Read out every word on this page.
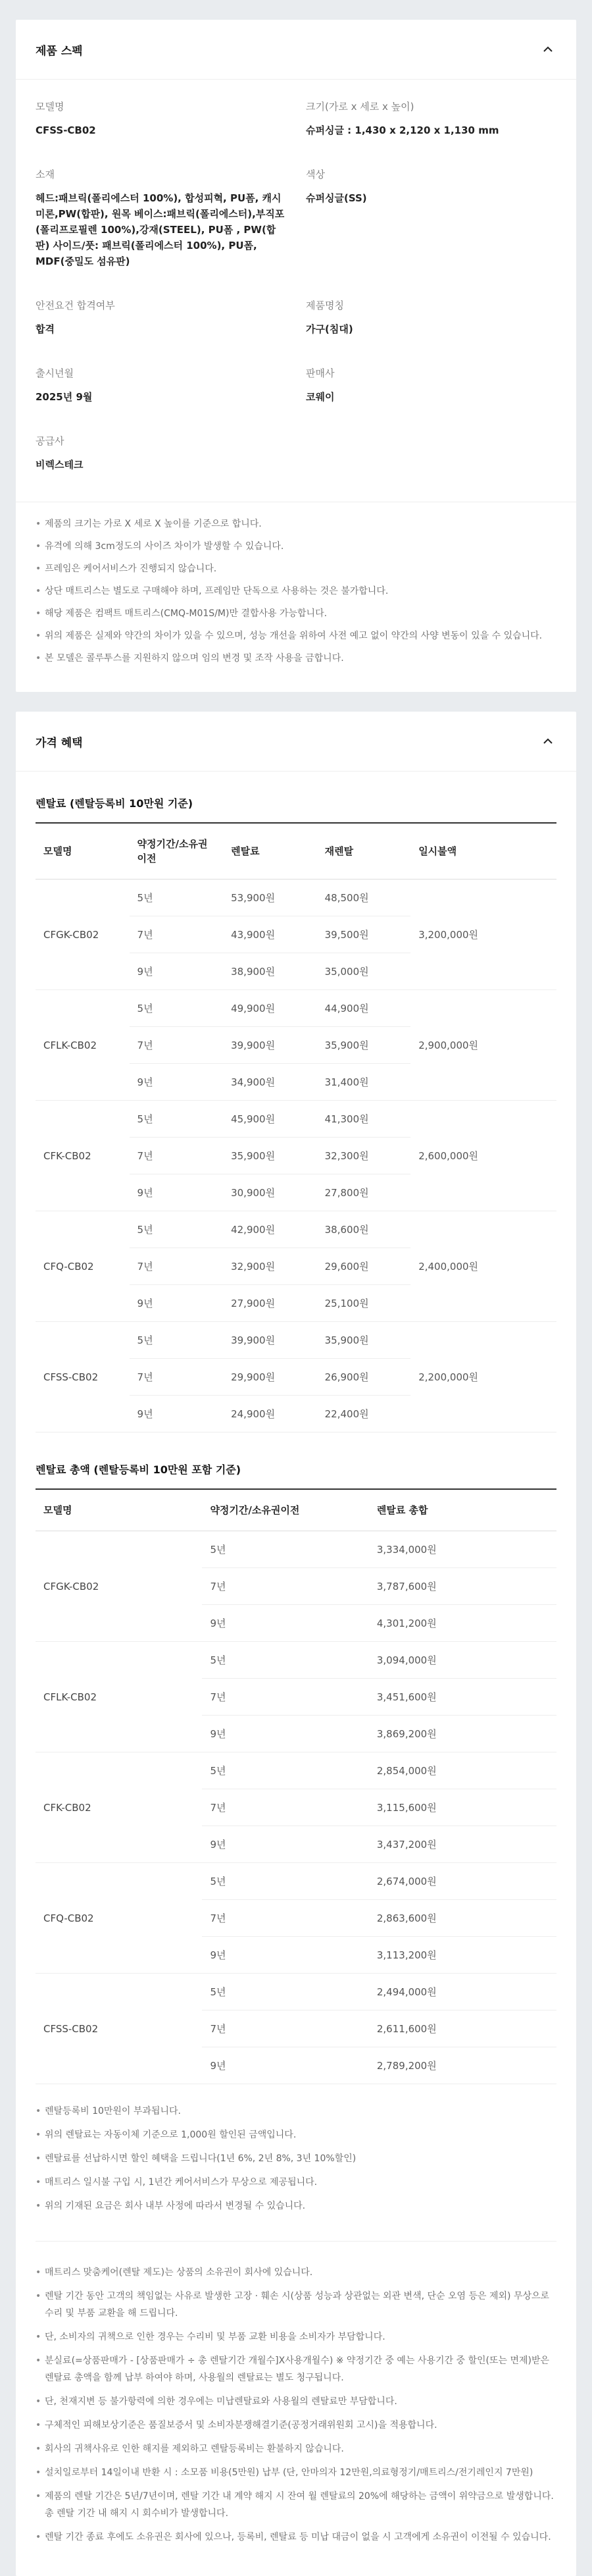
제품 스펙
모델명
CFSS-CB02
크기(가로 x 세로 x 높이)
슈퍼싱글 : 1,430 x 2,120 x 1,130 mm
소재
헤드:패브릭(폴리에스터 100%), 합성피혁, PU폼, 캐시미론,PW(합판), 원목 베이스:패브릭(폴리에스터),부직포(폴리프로필렌 100%),강재(STEEL), PU폼 , PW(합판) 사이드/풋: 패브릭(폴리에스터 100%), PU폼, MDF(중밀도 섬유판)
색상
슈퍼싱글(SS)
안전요건 합격여부
합격
제품명칭
가구(침대)
출시년월
2025년 9월
판매사
코웨이
공급사
비렉스테크
• 제품의 크기는 가로 X 세로 X 높이를 기준으로 합니다.
• 유격에 의해 3cm정도의 사이즈 차이가 발생할 수 있습니다.
• 프레임은 케어서비스가 진행되지 않습니다.
• 상단 매트리스는 별도로 구매해야 하며, 프레임만 단독으로 사용하는 것은 불가합니다.
• 해당 제품은 컴팩트 매트리스(CMQ-M01S/M)만 결합사용 가능합니다.
• 위의 제품은 실제와 약간의 차이가 있을 수 있으며, 성능 개선을 위하여 사전 예고 없이 약간의 사양 변동이 있을 수 있습니다.
• 본 모델은 콜루투스를 지원하지 않으며 임의 변경 및 조작 사용을 금합니다.
가격 혜택
렌탈료 (렌탈등록비 10만원 기준)
모델명	약정기간/소유권이전	렌탈료	재렌탈	일시불액
CFGK-CB02	5년	53,900원	48,500원	3,200,000원
	7년	43,900원	39,500원	
	9년	38,900원	35,000원	
CFLK-CB02	5년	49,900원	44,900원	2,900,000원
	7년	39,900원	35,900원	
	9년	34,900원	31,400원	
CFK-CB02	5년	45,900원	41,300원	2,600,000원
	7년	35,900원	32,300원	
	9년	30,900원	27,800원	
CFQ-CB02	5년	42,900원	38,600원	2,400,000원
	7년	32,900원	29,600원	
	9년	27,900원	25,100원	
CFSS-CB02	5년	39,900원	35,900원	2,200,000원
	7년	29,900원	26,900원	
	9년	24,900원	22,400원	
렌탈료 총액 (렌탈등록비 10만원 포함 기준)
모델명	약정기간/소유권이전	렌탈료 총합
CFGK-CB02	5년	3,334,000원
	7년	3,787,600원
	9년	4,301,200원
CFLK-CB02	5년	3,094,000원
	7년	3,451,600원
	9년	3,869,200원
CFK-CB02	5년	2,854,000원
	7년	3,115,600원
	9년	3,437,200원
CFQ-CB02	5년	2,674,000원
	7년	2,863,600원
	9년	3,113,200원
CFSS-CB02	5년	2,494,000원
	7년	2,611,600원
	9년	2,789,200원
• 렌탈등록비 10만원이 부과됩니다.
• 위의 렌탈료는 자동이체 기준으로 1,000원 할인된 금액입니다.
• 렌탈료를 선납하시면 할인 혜택을 드립니다(1년 6%, 2년 8%, 3년 10%할인)
• 매트리스 일시불 구입 시, 1년간 케어서비스가 무상으로 제공됩니다.
• 위의 기재된 요금은 회사 내부 사정에 따라서 변경될 수 있습니다.
• 매트리스 맞춤케어(렌탈 제도)는 상품의 소유권이 회사에 있습니다.
• 렌탈 기간 동안 고객의 책임없는 사유로 발생한 고장 · 훼손 시(상품 성능과 상관없는 외관 변색, 단순 오염 등은 제외) 무상으로 수리 및 부품 교환을 해 드립니다.
• 단, 소비자의 귀책으로 인한 경우는 수리비 및 부품 교환 비용을 소비자가 부담합니다.
• 분실료(=상품판매가 - [상품판매가 ÷ 총 렌탈기간 개월수]X사용개월수) ※ 약정기간 중 예는 사용기간 중 할인(또는 면제)받은 렌탈료 총액을 함께 납부 하여야 하며, 사용월의 렌탈료는 별도 청구됩니다.
• 단, 천재지변 등 불가항력에 의한 경우에는 미납렌탈료와 사용월의 렌탈료만 부담합니다.
• 구체적인 피해보상기준은 품질보증서 및 소비자분쟁해결기준(공정거래위원회 고시)을 적용합니다.
• 회사의 귀책사유로 인한 해지를 제외하고 렌탈등록비는 환불하지 않습니다.
• 설치일로부터 14일이내 반환 시 : 소모품 비용(5만원) 납부 (단, 안마의자 12만원,의료형정기/매트리스/전기레인지 7만원)
• 제품의 렌탈 기간은 5년/7년이며, 렌탈 기간 내 계약 해지 시 잔여 월 렌탈료의 20%에 해당하는 금액이 위약금으로 발생합니다. 총 렌탈 기간 내 해지 시 회수비가 발생합니다.
• 렌탈 기간 종료 후에도 소유권은 회사에 있으나, 등록비, 렌탈료 등 미납 대금이 없을 시 고객에게 소유권이 이전될 수 있습니다.
